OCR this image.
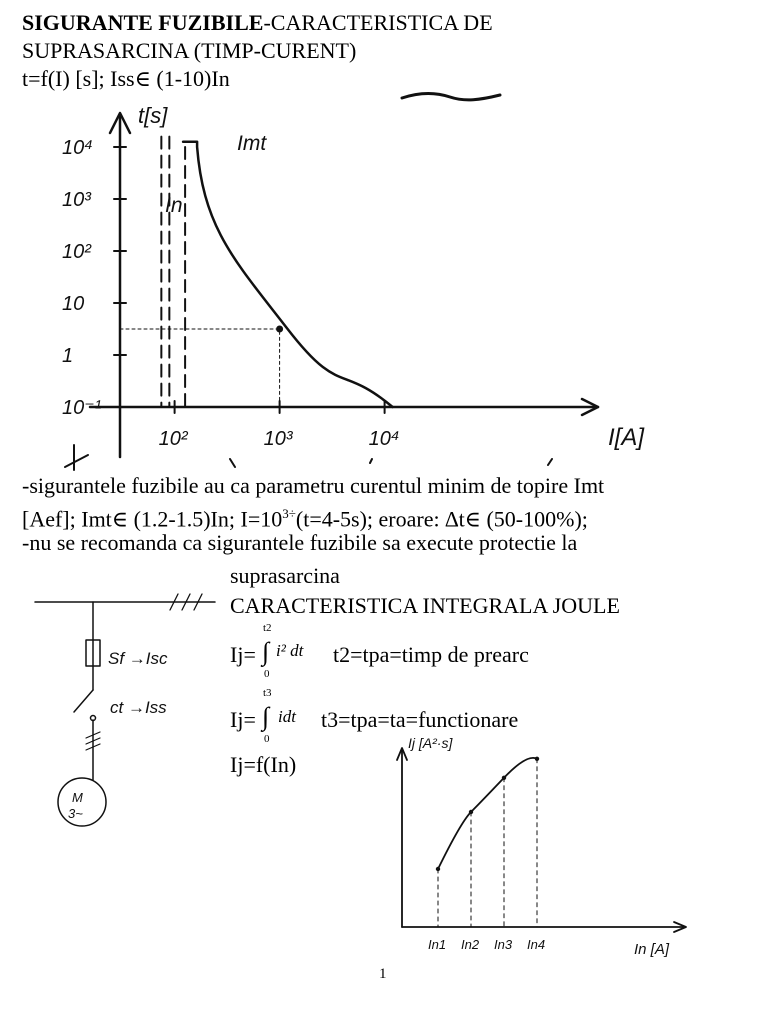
SIGURANTE FUZIBILE-CARACTERISTICA DE
SUPRASARCINA (TIMP-CURENT)
t=f(I) [s]; Iss∈ (1-10)In
10⁴
10³
10²
10
1
10⁻¹
10²	10³	10⁴
t[s]
I[A]
Imt
In
-sigurantele fuzibile au ca parametru curentul minim de topire Imt
[Aef]; Imt∈ (1.2-1.5)In; $I=10^{3\div}(t=4-5s)$; eroare: ∆t∈ (50-100%);
-nu se recomanda ca sigurantele fuzibile sa execute protectie la
suprasarcina
CARACTERISTICA INTEGRALA JOULE
Ij=
t2
∫
0
i² dt t2=tpa=timp de prearc
Ij=
t3
∫
0
idt t3=tpa=ta=functionare
Ij=f(In)
M
3~
Sf →Isc
ct →Iss
In1 In2 In3 In4
Ij [A²·s]
In [A]
1
